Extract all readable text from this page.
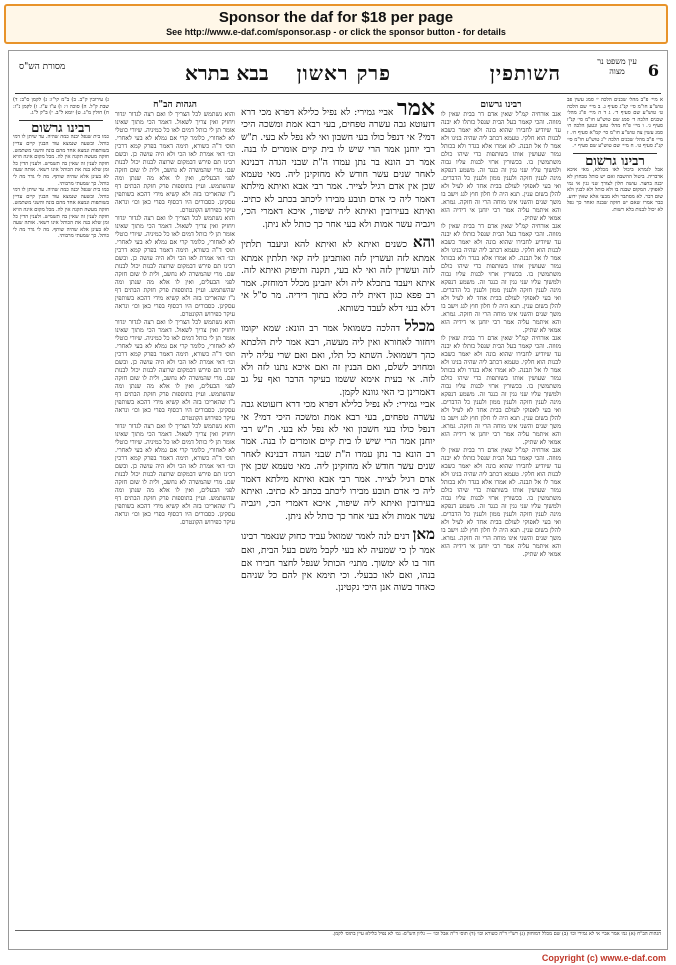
Sponsor the daf for $18 per page
See http://www.e-daf.com/sponsor.asp - or click the sponsor button - for details
6
עין משפט נר מצוה
השותפין
פרק ראשון
בבא בתרא
מסורת הש"ס

א מיי׳ פ"ב מהל׳ שכנים הלכה י׳ סמג עשין פב טוש"ע חו"מ סי׳ קנ"ג סעיף ג. ב מיי׳ שם הלכה ט׳ טוש"ע שם סעיף ד׳. ג ד ה מיי׳ פ"ג מהל׳ שכנים הלכה ד׳ סמג שם טוש"ע חו"מ סי׳ קנ"ז סעיף ג׳. ו מיי׳ פ"ח מהל׳ טוען ונטען הלכה ח׳ סמג עשין צה טוש"ע חו"מ סי׳ קמ"א סעיף ח׳. ז מיי׳ פ"ב מהל׳ שכנים הלכה י"ג טוש"ע חו"מ סי׳ קנ"ג סעיף ט׳. ח מיי׳ שם טוש"ע שם סעיף י׳.

רבינו גרשום

אבל לגמרא ביכול לאו מכללא, מאי איכא אדבריה. ביטול ההשבה ואם יש כותל מבחוץ לא יבנה בחצר. עושה חלון לצורך שני גגין אי נמי לאפוקי. המקום שבנה בו ולא כותל ולא לבנין ולא שום דבר. לא מסתבר ולא מבעי אלא שאין ידוע. כבר אמרו שאם יש חזקה שבנה ואחר כך נפל לא יכול לבנות בלא רשות.

רבינו גרשום

אגב אורחיה קמ"ל שאין אדם דר בבית שאין לו מזוזה. והכי קאמר בעל הבית שנפל כותלו לא יבנה עד שיודיע לחבירו שהוא בונה ולא יאמר כשבא לבנות הוא חלקי. טעמא דכתב ליה שהיה בנינו ולא אמר לו אל תבנה. לא אמרו אלא בגדר ולא בכותל גמור שעושין אותו בשותפות כדי שיהו כולם משתמשין בו. בכשורין ארזי לבנות עליו גבוה ולמשוך עליו שני גגין זה כנגד זה. משמע דנפקא מינה לענין חזקה ולענין ממון ולענין כל הדברים. ואי בעי לאפוקי לעולם בבית אחד לא לעיל ולא להלן בשום ענין. תנא היה לו חלון חוץ לגג וישב בו משך שנים והשני אינו מוחה הרי זה חזקה. גמרא. והא איתמר עליה אמר רבי יוחנן אי דידיה הוא אמאי לא שתיק.

אגב אורחיה קמ"ל שאין אדם דר בבית שאין לו מזוזה. והכי קאמר בעל הבית שנפל כותלו לא יבנה עד שיודיע לחבירו שהוא בונה ולא יאמר כשבא לבנות הוא חלקי. טעמא דכתב ליה שהיה בנינו ולא אמר לו אל תבנה. לא אמרו אלא בגדר ולא בכותל גמור שעושין אותו בשותפות כדי שיהו כולם משתמשין בו. בכשורין ארזי לבנות עליו גבוה ולמשוך עליו שני גגין זה כנגד זה. משמע דנפקא מינה לענין חזקה ולענין ממון ולענין כל הדברים. ואי בעי לאפוקי לעולם בבית אחד לא לעיל ולא להלן בשום ענין. תנא היה לו חלון חוץ לגג וישב בו משך שנים והשני אינו מוחה הרי זה חזקה. גמרא. והא איתמר עליה אמר רבי יוחנן אי דידיה הוא אמאי לא שתיק.

אגב אורחיה קמ"ל שאין אדם דר בבית שאין לו מזוזה. והכי קאמר בעל הבית שנפל כותלו לא יבנה עד שיודיע לחבירו שהוא בונה ולא יאמר כשבא לבנות הוא חלקי. טעמא דכתב ליה שהיה בנינו ולא אמר לו אל תבנה. לא אמרו אלא בגדר ולא בכותל גמור שעושין אותו בשותפות כדי שיהו כולם משתמשין בו. בכשורין ארזי לבנות עליו גבוה ולמשוך עליו שני גגין זה כנגד זה. משמע דנפקא מינה לענין חזקה ולענין ממון ולענין כל הדברים. ואי בעי לאפוקי לעולם בבית אחד לא לעיל ולא להלן בשום ענין. תנא היה לו חלון חוץ לגג וישב בו משך שנים והשני אינו מוחה הרי זה חזקה. גמרא. והא איתמר עליה אמר רבי יוחנן אי דידיה הוא אמאי לא שתיק.

אגב אורחיה קמ"ל שאין אדם דר בבית שאין לו מזוזה. והכי קאמר בעל הבית שנפל כותלו לא יבנה עד שיודיע לחבירו שהוא בונה ולא יאמר כשבא לבנות הוא חלקי. טעמא דכתב ליה שהיה בנינו ולא אמר לו אל תבנה. לא אמרו אלא בגדר ולא בכותל גמור שעושין אותו בשותפות כדי שיהו כולם משתמשין בו. בכשורין ארזי לבנות עליו גבוה ולמשוך עליו שני גגין זה כנגד זה. משמע דנפקא מינה לענין חזקה ולענין ממון ולענין כל הדברים. ואי בעי לאפוקי לעולם בבית אחד לא לעיל ולא להלן בשום ענין. תנא היה לו חלון חוץ לגג וישב בו משך שנים והשני אינו מוחה הרי זה חזקה. גמרא. והא איתמר עליה אמר רבי יוחנן אי דידיה הוא אמאי לא שתיק.

אמר אביי גמירי: לא נפיל כלילא דפרא מכי דרא דזעוטא גבה עשרה טפחים, בעי רבא אמת ומשכה היכי דמי? אי דנפל כולו בעי חשבון ואי לא נפל לא בעי. ת"ש רבי יוחנן אמר הרי שיש לו בית קיים אומרים לו בנה. אמר רב הונא בר נתן עמדו ה"ת שבני הגדה דבנינא לאחר שנים עשר חודש לא מחזקינן ליה. מאי טעמא שכן אין אדם רגיל לצייר. אמר רבי אבא ואיתא מילתא דאמר ליה כי אדם תובע מבירו ליכתב בכתב לא כתיב. ואיתא בעירובין ואיתא ליה שיפור, איכא דאמרי הכי, ויגביה עשר אמות ולא בעי אחר כך כותל לא ניתן.

והא כשנים ואיתא לא ואיתא להא וניעבד תלתין אמתא לזה ועשרין לזה ואותבינן ליה קאי תלתין אמתא לזה ועשרין לזה ואי לא בעי, תקנה ותיפוק ואיתא לזה. איתא ויעבד בתכלא ליה ולא יהבינן מכלל דמוחזק. אמר רב פפא כגון דאית ליה כלא בתוך דידיה. מר ס"ל אי דלא בעי דלא לעבד כשותא.

מכלל דהלכה כשמואל אמר רב הונא: שמא יקומו ויחזור לאחורא ואין ליה מעשה, רבא אמר לית הלכתא כהך דשמואל. השתא כל תלו, ואם ואם שרי עליה ליה ומחויב לשלם, ואם הבנין זה ואם איכא נתנו לזה ולא לזה. אי בעית אימא ששמו בעיקר הדבר ואף על גב דאמרינן כי האי גוונא לקמן.

אביי גמירי: לא נפיל כלילא דפרא מכי דרא דזעוטא גבה עשרה טפחים, בעי רבא אמת ומשכה היכי דמי? אי דנפל כולו בעי חשבון ואי לא נפל לא בעי. ת"ש רבי יוחנן אמר הרי שיש לו בית קיים אומרים לו בנה. אמר רב הונא בר נתן עמדו ה"ת שבני הגדה דבנינא לאחר שנים עשר חודש לא מחזקינן ליה. מאי טעמא שכן אין אדם רגיל לצייר. אמר רבי אבא ואיתא מילתא דאמר ליה כי אדם תובע מבירו ליכתב בכתב לא כתיב. ואיתא בעירובין ואיתא ליה שיפור, איכא דאמרי הכי, ויגביה עשר אמות ולא בעי אחר כך כותל לא ניתן.

מאן דנים לנה לאמר שמואל עביד כחוק שנאמר רבינו אמר לן כי שמעיה לא בעי לקבל משם בעל הבית, ואם חזר בו לא ימשוך. מתני׳ הכותל שנפל לחצר חבירו אם בנהו, ואם לאו כבעלי. וכי תימא אין להם כל שניהם כאחד בשוה אנן היכי נקטינן.

הגהות הב"ח

והוא נשתמש לכל הצריך לו ואם רצה לגדור יגדור ויחזיק ואין צריך לשאול. דאמר הכי מתוך שאינו אומר תן לי כותל דמים לאו כל כמיניה. שיורי כוטלי לא לאחורי, כלומר קרי אם גמלא לא בעי לאחרי. תוס׳ ד"ה כשורא, תימה דאמר בפרק קמא דרכין וכו׳ דאי אמרת לאו הכי ולא היה עושה כן. ובשם רבינו תם פירש דבמקום שרוצה לבנות יכול לבנות שם. מרי שהמשרה לא נחשב, ולית לו שום חזקה לפני הבעלים, ואין לו אלא מה שנתן ומה שהשתמש. ועיין בתוספות פרק חזקת הבתים דף נ"ז שהאריכו בזה ולא קשיא מידי דהכא בשותפין עסקינן. כסבורים היו דכסוף בפרי כאן וכו׳ ונראה עיקר כפירוש הקונטרס.

והוא נשתמש לכל הצריך לו ואם רצה לגדור יגדור ויחזיק ואין צריך לשאול. דאמר הכי מתוך שאינו אומר תן לי כותל דמים לאו כל כמיניה. שיורי כוטלי לא לאחורי, כלומר קרי אם גמלא לא בעי לאחרי. תוס׳ ד"ה כשורא, תימה דאמר בפרק קמא דרכין וכו׳ דאי אמרת לאו הכי ולא היה עושה כן. ובשם רבינו תם פירש דבמקום שרוצה לבנות יכול לבנות שם. מרי שהמשרה לא נחשב, ולית לו שום חזקה לפני הבעלים, ואין לו אלא מה שנתן ומה שהשתמש. ועיין בתוספות פרק חזקת הבתים דף נ"ז שהאריכו בזה ולא קשיא מידי דהכא בשותפין עסקינן. כסבורים היו דכסוף בפרי כאן וכו׳ ונראה עיקר כפירוש הקונטרס.

והוא נשתמש לכל הצריך לו ואם רצה לגדור יגדור ויחזיק ואין צריך לשאול. דאמר הכי מתוך שאינו אומר תן לי כותל דמים לאו כל כמיניה. שיורי כוטלי לא לאחורי, כלומר קרי אם גמלא לא בעי לאחרי. תוס׳ ד"ה כשורא, תימה דאמר בפרק קמא דרכין וכו׳ דאי אמרת לאו הכי ולא היה עושה כן. ובשם רבינו תם פירש דבמקום שרוצה לבנות יכול לבנות שם. מרי שהמשרה לא נחשב, ולית לו שום חזקה לפני הבעלים, ואין לו אלא מה שנתן ומה שהשתמש. ועיין בתוספות פרק חזקת הבתים דף נ"ז שהאריכו בזה ולא קשיא מידי דהכא בשותפין עסקינן. כסבורים היו דכסוף בפרי כאן וכו׳ ונראה עיקר כפירוש הקונטרס.

והוא נשתמש לכל הצריך לו ואם רצה לגדור יגדור ויחזיק ואין צריך לשאול. דאמר הכי מתוך שאינו אומר תן לי כותל דמים לאו כל כמיניה. שיורי כוטלי לא לאחורי, כלומר קרי אם גמלא לא בעי לאחרי. תוס׳ ד"ה כשורא, תימה דאמר בפרק קמא דרכין וכו׳ דאי אמרת לאו הכי ולא היה עושה כן. ובשם רבינו תם פירש דבמקום שרוצה לבנות יכול לבנות שם. מרי שהמשרה לא נחשב, ולית לו שום חזקה לפני הבעלים, ואין לו אלא מה שנתן ומה שהשתמש. ועיין בתוספות פרק חזקת הבתים דף נ"ז שהאריכו בזה ולא קשיא מידי דהכא בשותפין עסקינן. כסבורים היו דכסוף בפרי כאן וכו׳ ונראה עיקר כפירוש הקונטרס.

ג) עירובין ק"ב. ב) ב"מ קי"ז: ג) לקמן ס"ב: ד) שבת ק"ל. ה) סוכה ו׳: ו) ע"ז ע"ו. ז) לקמן נ"ז: ח) חולין מ"ג. ט) יומא ל"ב. י) ב"ק ל"ג.

רבינו גרשום

כמו בית שנפל יבנה כמה שהיה. עד שיתן לו דמי כותל. ובשעה שנמצא עוד הבנין קיים עדיין בשותפות ונמצא אחד מהם בונה והשני משתמש. חזקה מעשה תקנה אין לה. מכל מקום אינה הויא חזקה לענין זה שאין בה תשמיש. ולענין הדין כל זמן שלא בנה את הכותל אינו רשאי. אותה שעה לא בעינן אלא שהיה שותף. מה לי גדר מה לי כותל. כך שמעתי מרבותי.

כמו בית שנפל יבנה כמה שהיה. עד שיתן לו דמי כותל. ובשעה שנמצא עוד הבנין קיים עדיין בשותפות ונמצא אחד מהם בונה והשני משתמש. חזקה מעשה תקנה אין לה. מכל מקום אינה הויא חזקה לענין זה שאין בה תשמיש. ולענין הדין כל זמן שלא בנה את הכותל אינו רשאי. אותה שעה לא בעינן אלא שהיה שותף. מה לי גדר מה לי כותל. כך שמעתי מרבותי.

הגהות הב"ח (א) גמ׳ אמר אביי אי לא גמירי וכו׳ (ב) שם מכלל דמוחזק (ג) רש"י ד"ה כשורא וכו׳ (ד) תוס׳ ד"ה אבל וכו׳ — גליון הש"ס: גמ׳ לא נפיל כלילא עיין בתוס׳ לקמן.
Copyright (c) www.e-daf.com
